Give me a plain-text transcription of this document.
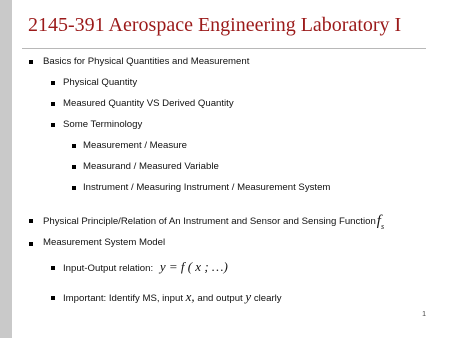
2145-391 Aerospace Engineering Laboratory I
Basics for Physical Quantities and Measurement
Physical Quantity
Measured Quantity VS Derived Quantity
Some Terminology
Measurement / Measure
Measurand / Measured Variable
Instrument / Measuring Instrument / Measurement System
Physical Principle/Relation of An Instrument and Sensor and Sensing Functionf$_s$
Measurement System Model
Input-Output relation: y = f ( x ; …)
Important: Identify MS, input x, and output y clearly
1
